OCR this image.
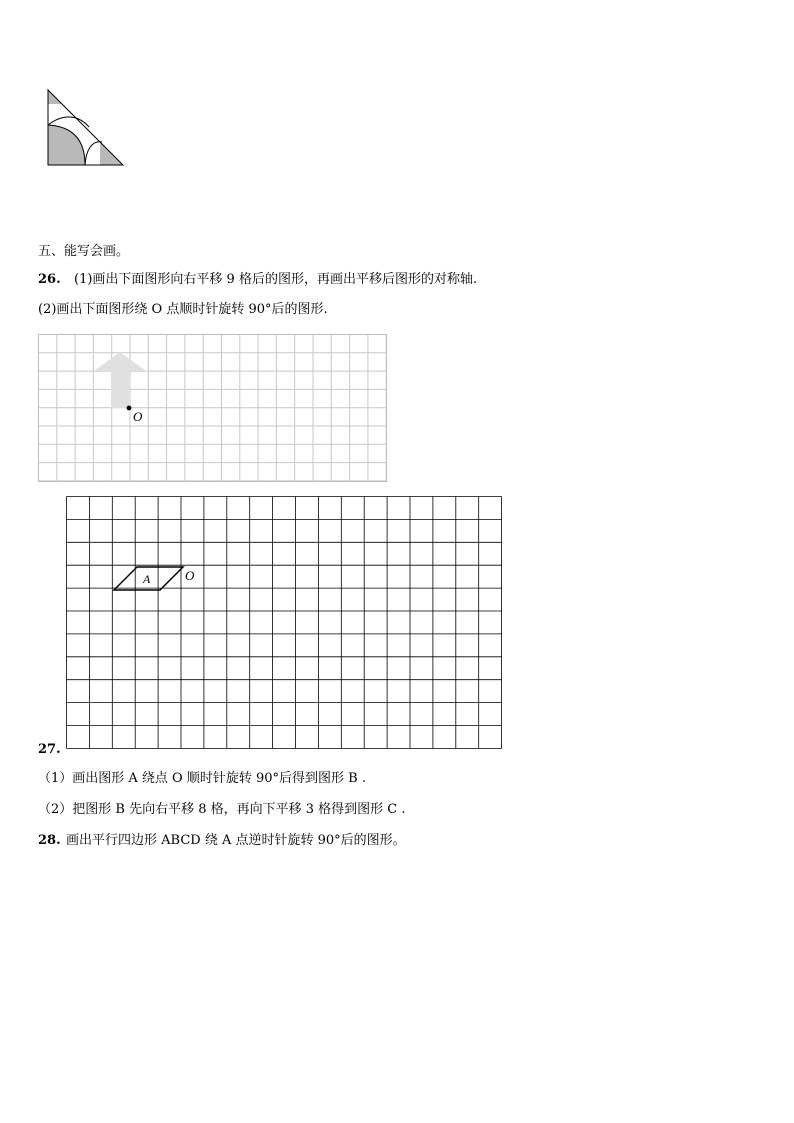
五、能写会画。
26. (1)画出下面图形向右平移 9 格后的图形，再画出平移后图形的对称轴.
(2)画出下面图形绕 O 点顺时针旋转 90°后的图形.
O
A	O
27.
（1）画出图形 A 绕点 O 顺时针旋转 90°后得到图形 B .
（2）把图形 B 先向右平移 8 格，再向下平移 3 格得到图形 C .
28. 画出平行四边形 ABCD 绕 A 点逆时针旋转 90°后的图形。
